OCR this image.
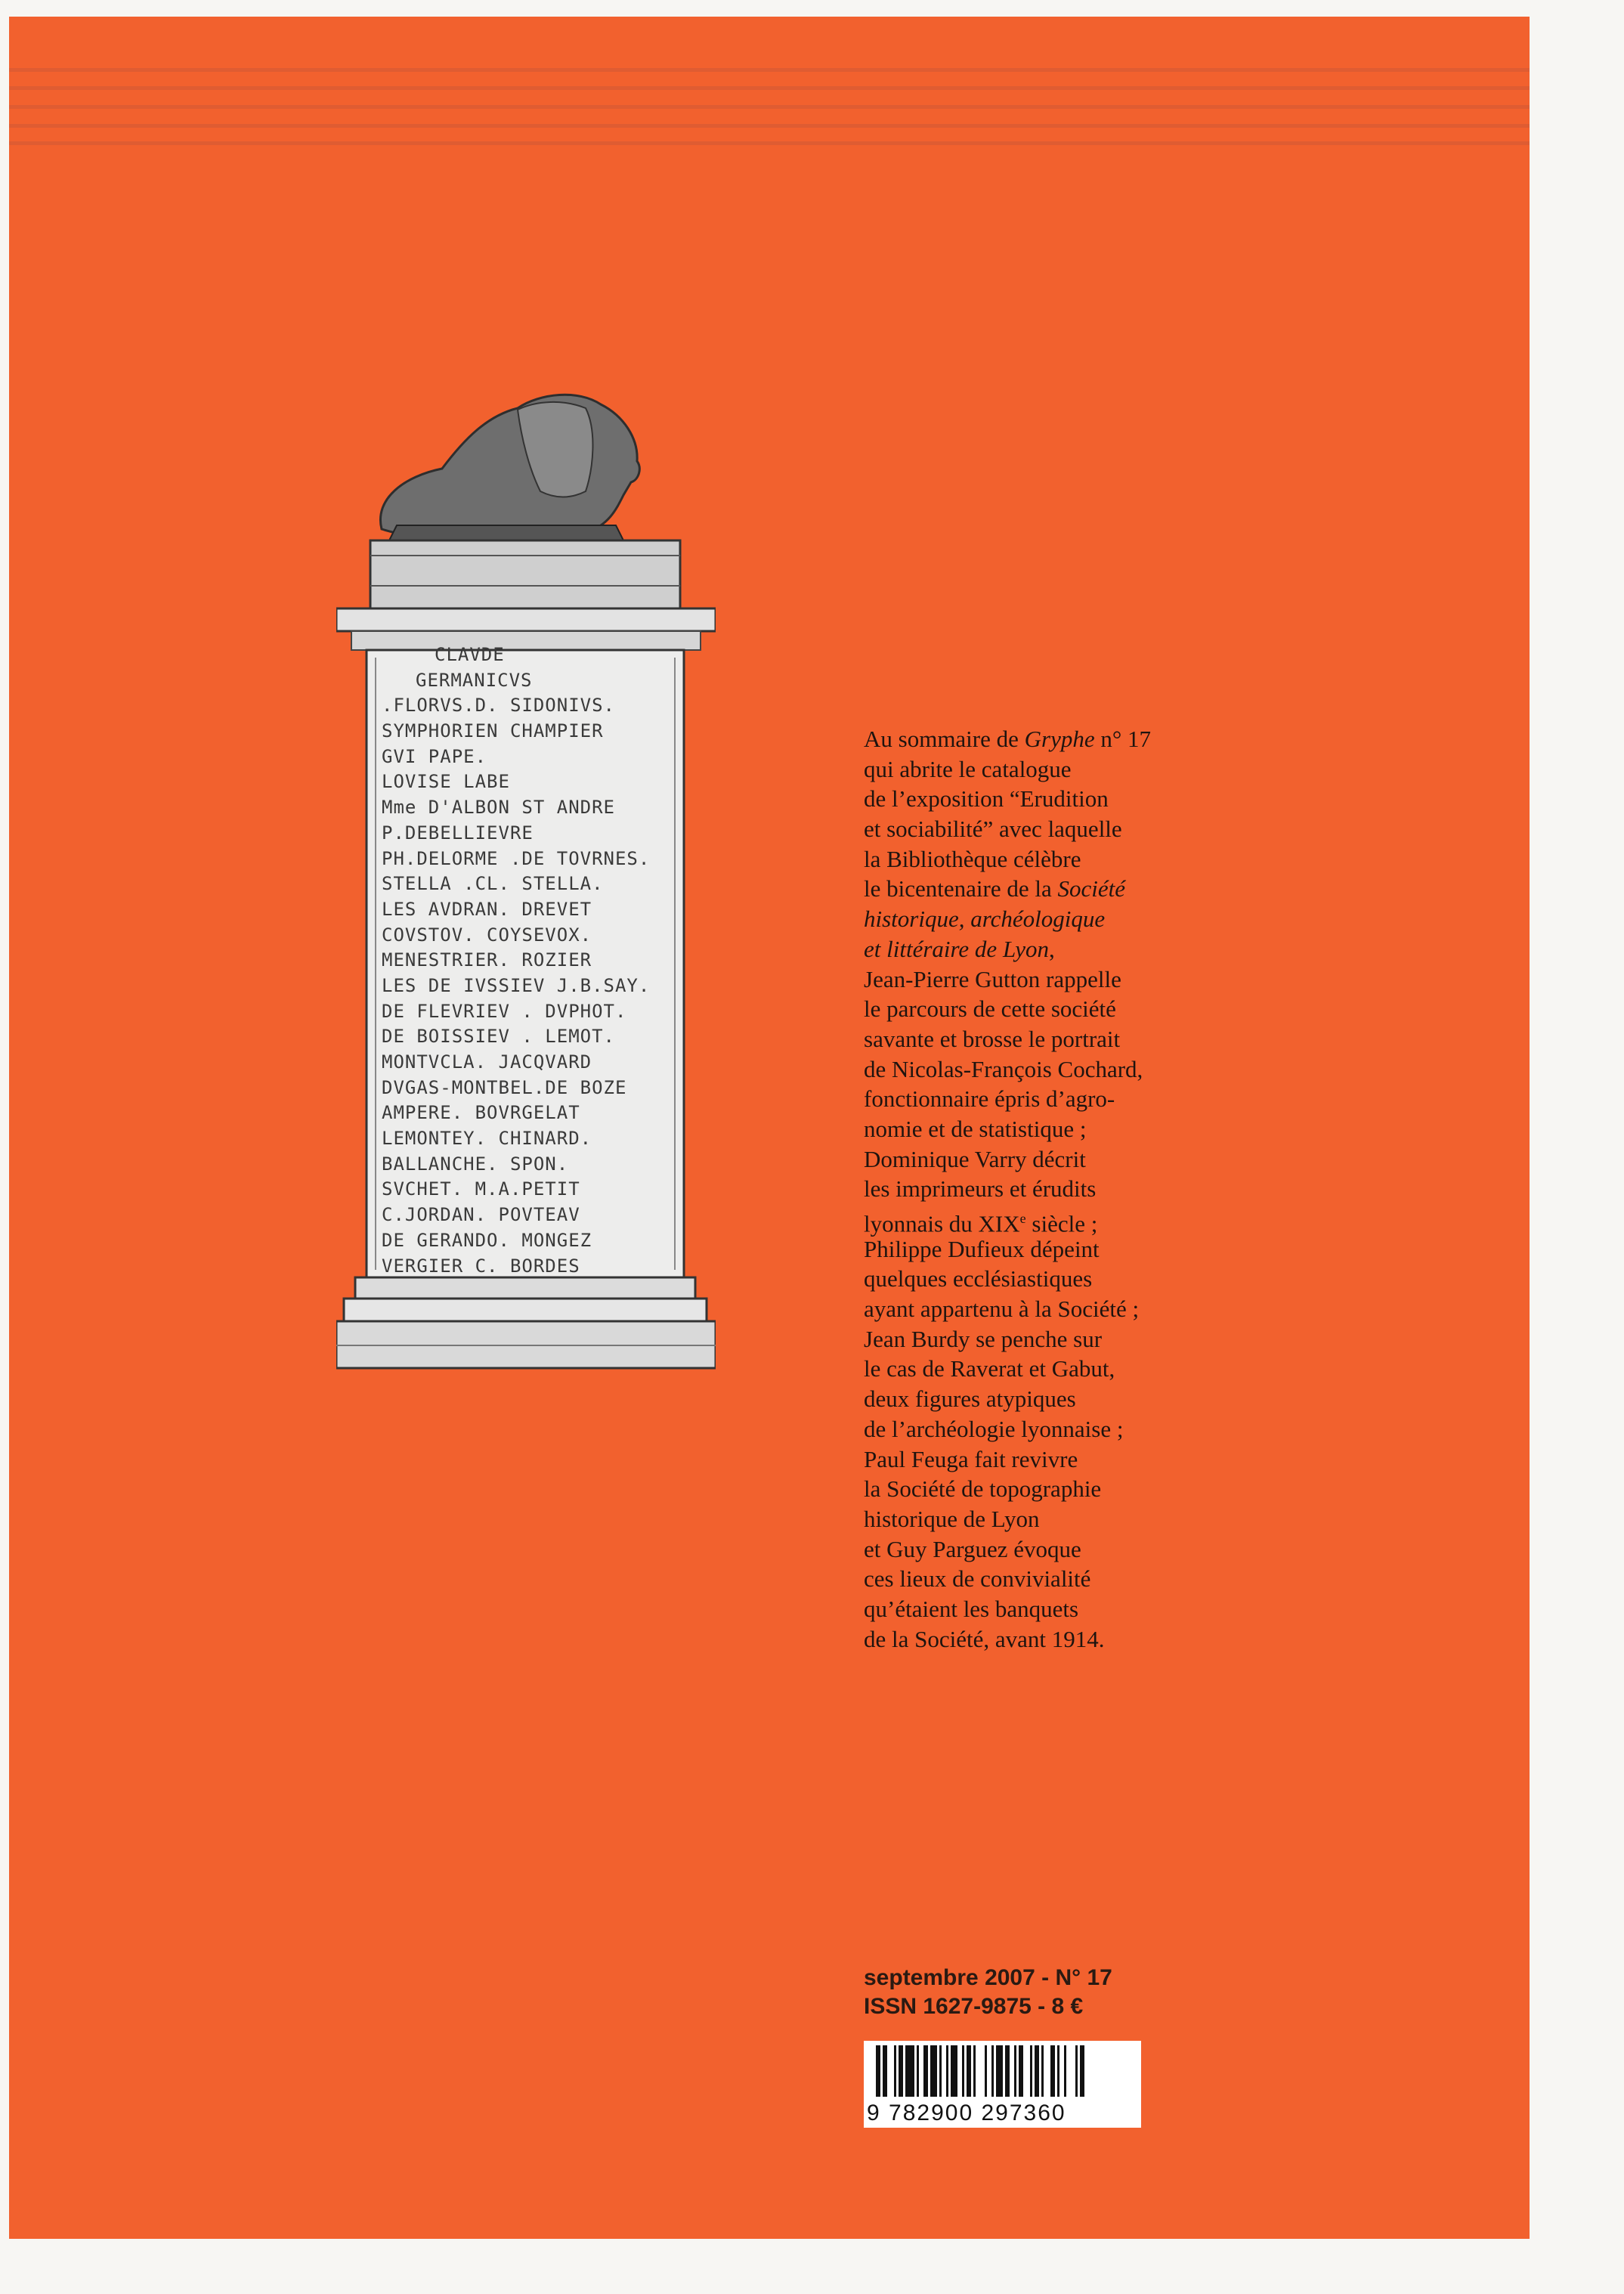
CLAVDE
GERMANICVS
.FLORVS.D. SIDONIVS.
SYMPHORIEN CHAMPIER
GVI PAPE.
LOVISE LABE
Mme D'ALBON ST ANDRE
P.DEBELLIEVRE
PH.DELORME .DE TOVRNES.
STELLA .CL. STELLA.
LES AVDRAN. DREVET
COVSTOV. COYSEVOX.
MENESTRIER. ROZIER
LES DE IVSSIEV J.B.SAY.
DE FLEVRIEV . DVPHOT.
DE BOISSIEV . LEMOT.
MONTVCLA. JACQVARD
DVGAS-MONTBEL.DE BOZE
AMPERE. BOVRGELAT
LEMONTEY. CHINARD.
BALLANCHE. SPON.
SVCHET. M.A.PETIT
C.JORDAN. POVTEAV
DE GERANDO. MONGEZ
VERGIER C. BORDES
Au sommaire de Gryphe n° 17
qui abrite le catalogue
de l’exposition “Erudition
et sociabilité” avec laquelle
la Bibliothèque célèbre
le bicentenaire de la Société
historique, archéologique
et littéraire de Lyon,
Jean-Pierre Gutton rappelle
le parcours de cette société
savante et brosse le portrait
de Nicolas-François Cochard,
fonctionnaire épris d’agro-
nomie et de statistique ;
Dominique Varry décrit
les imprimeurs et érudits
lyonnais du XIXe siècle ;
Philippe Dufieux dépeint
quelques ecclésiastiques
ayant appartenu à la Société ;
Jean Burdy se penche sur
le cas de Raverat et Gabut,
deux figures atypiques
de l’archéologie lyonnaise ;
Paul Feuga fait revivre
la Société de topographie
historique de Lyon
et Guy Parguez évoque
ces lieux de convivialité
qu’étaient les banquets
de la Société, avant 1914.
septembre 2007 - N° 17
ISSN 1627-9875 - 8 €
9 782900 297360
